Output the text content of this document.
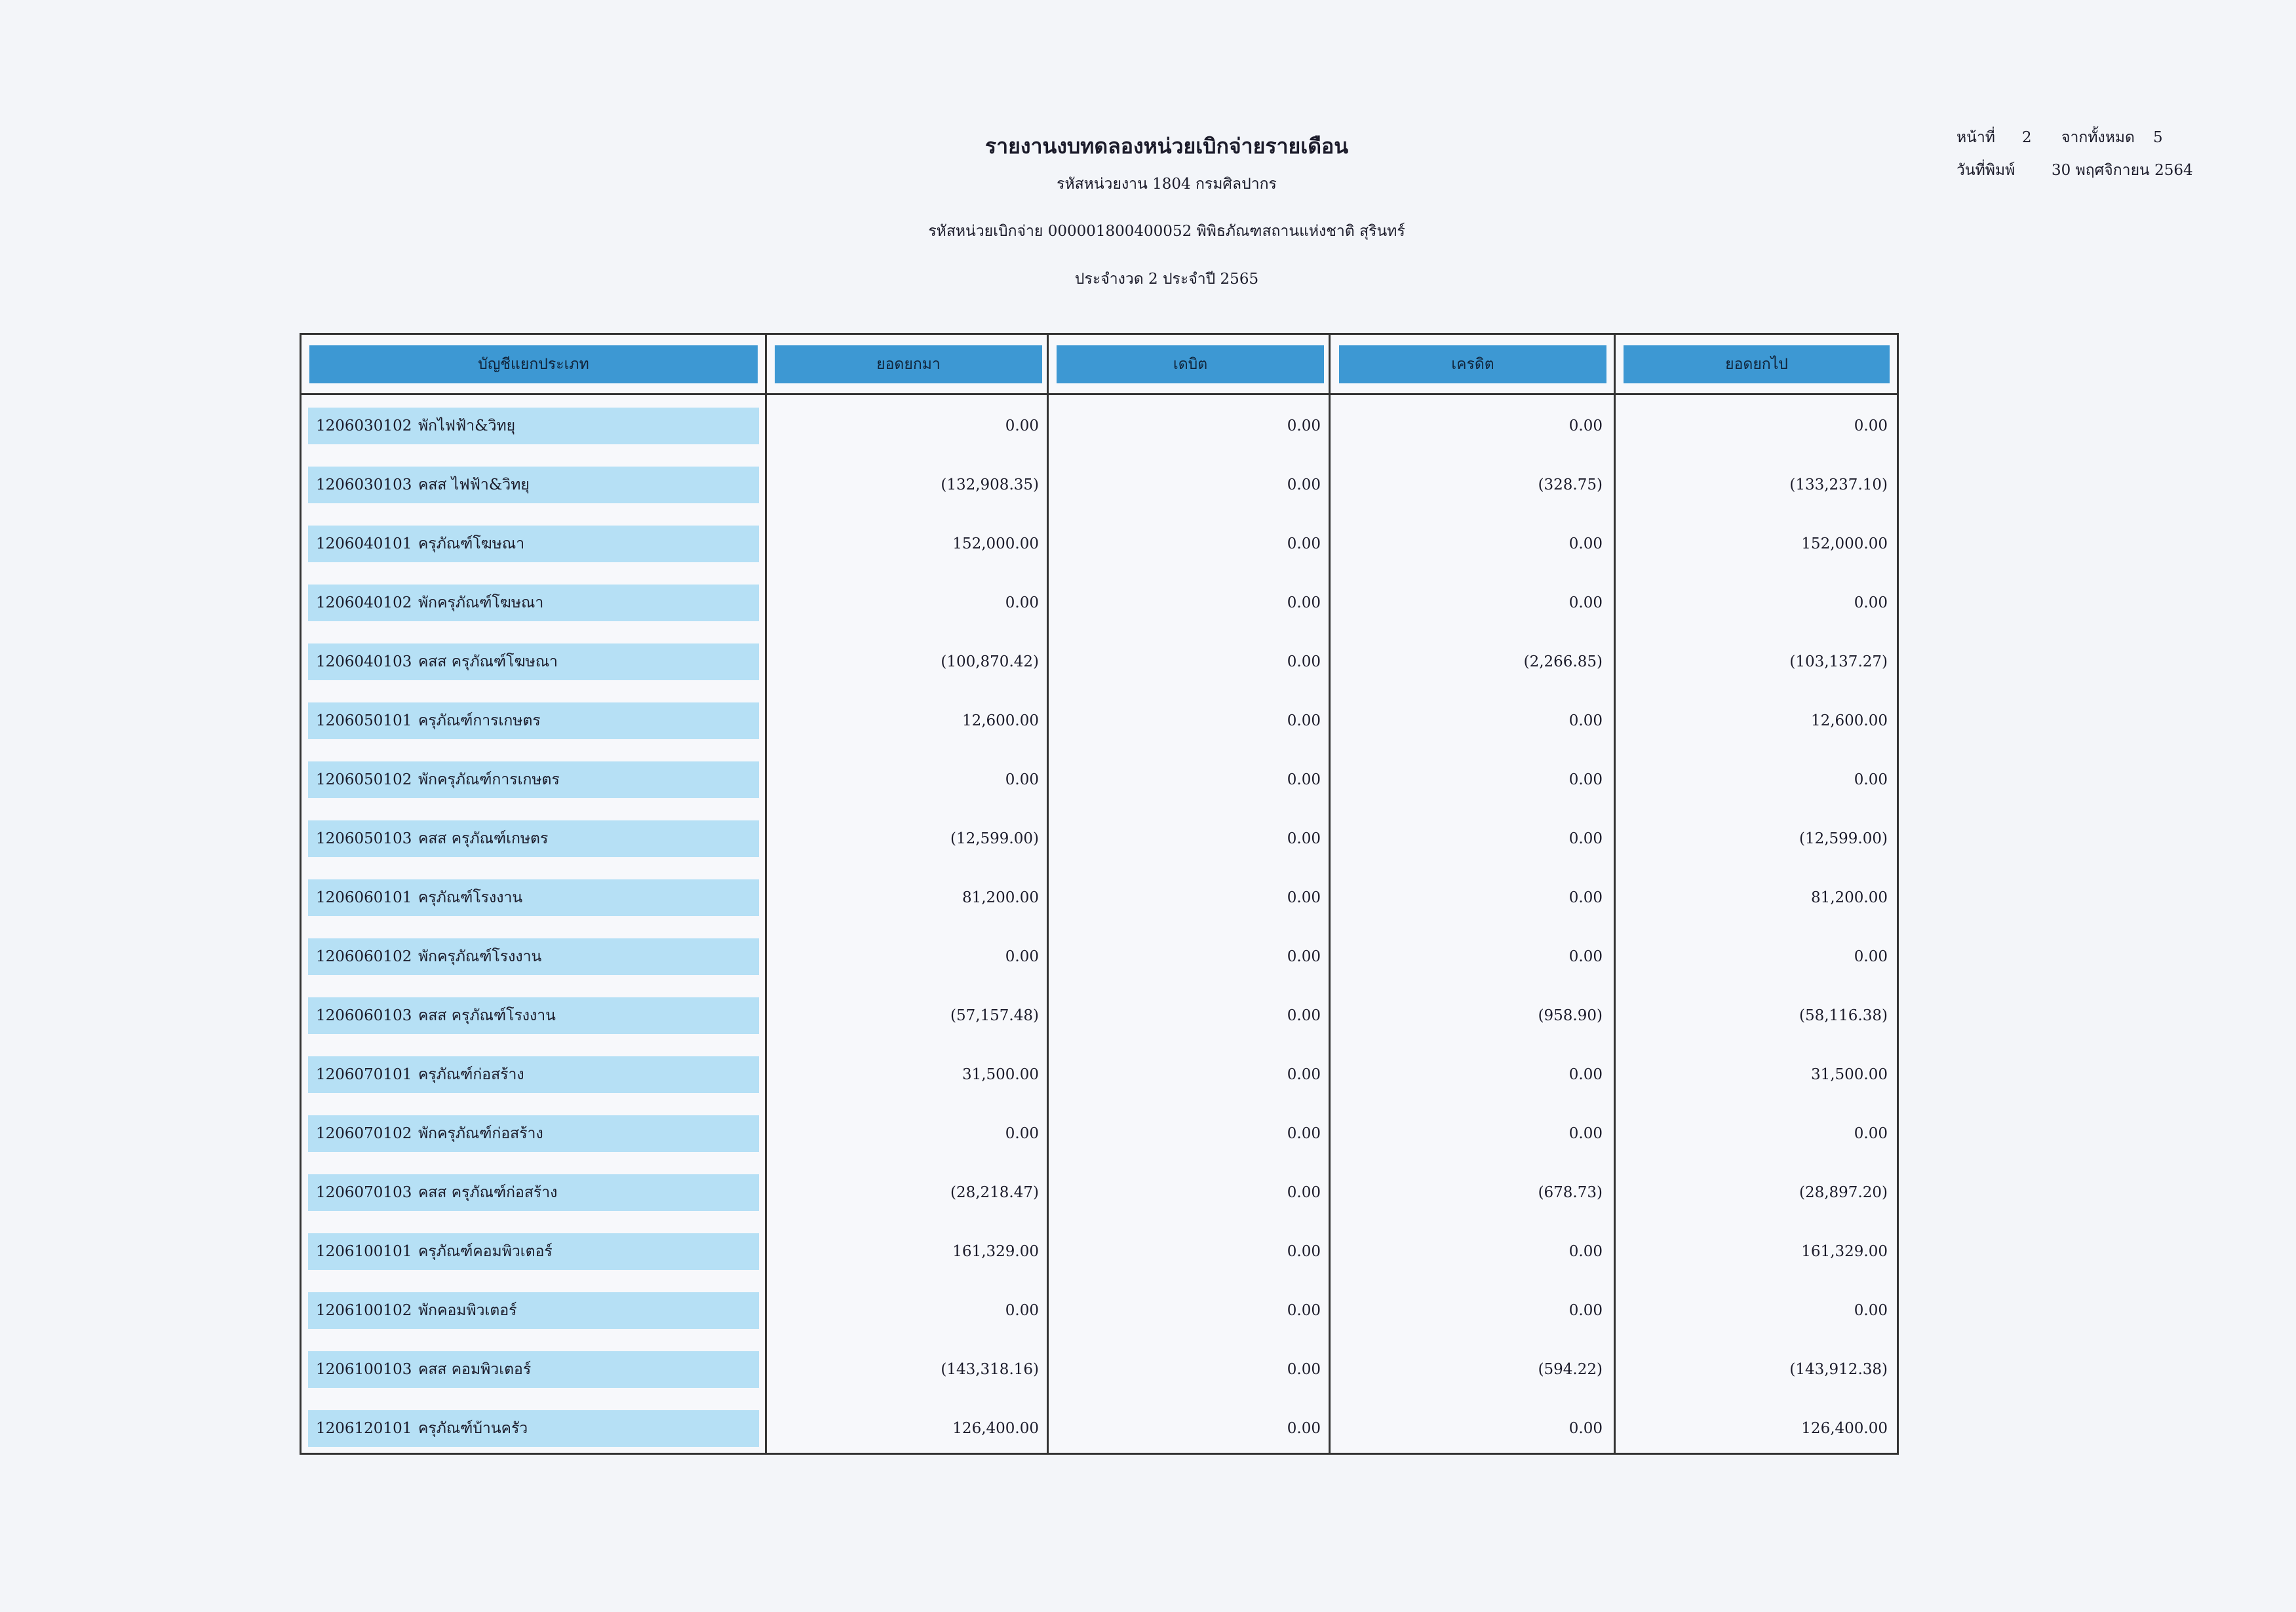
หน้าที่	2	จากทั้งหมด	5
วันที่พิมพ์	30 พฤศจิกายน 2564
รายงานงบทดลองหน่วยเบิกจ่ายรายเดือน
รหัสหน่วยงาน 1804 กรมศิลปากร
รหัสหน่วยเบิกจ่าย 000001800400052 พิพิธภัณฑสถานแห่งชาติ สุรินทร์
ประจำงวด 2 ประจำปี 2565
บัญชีแยกประเภท	ยอดยกมา	เดบิต	เครดิต	ยอดยกไป
1206030102 พักไฟฟ้า&วิทยุ	0.00	0.00	0.00	0.00
1206030103 คสส ไฟฟ้า&วิทยุ	(132,908.35)	0.00	(328.75)	(133,237.10)
1206040101 ครุภัณฑ์โฆษณา	152,000.00	0.00	0.00	152,000.00
1206040102 พักครุภัณฑ์โฆษณา	0.00	0.00	0.00	0.00
1206040103 คสส ครุภัณฑ์โฆษณา	(100,870.42)	0.00	(2,266.85)	(103,137.27)
1206050101 ครุภัณฑ์การเกษตร	12,600.00	0.00	0.00	12,600.00
1206050102 พักครุภัณฑ์การเกษตร	0.00	0.00	0.00	0.00
1206050103 คสส ครุภัณฑ์เกษตร	(12,599.00)	0.00	0.00	(12,599.00)
1206060101 ครุภัณฑ์โรงงาน	81,200.00	0.00	0.00	81,200.00
1206060102 พักครุภัณฑ์โรงงาน	0.00	0.00	0.00	0.00
1206060103 คสส ครุภัณฑ์โรงงาน	(57,157.48)	0.00	(958.90)	(58,116.38)
1206070101 ครุภัณฑ์ก่อสร้าง	31,500.00	0.00	0.00	31,500.00
1206070102 พักครุภัณฑ์ก่อสร้าง	0.00	0.00	0.00	0.00
1206070103 คสส ครุภัณฑ์ก่อสร้าง	(28,218.47)	0.00	(678.73)	(28,897.20)
1206100101 ครุภัณฑ์คอมพิวเตอร์	161,329.00	0.00	0.00	161,329.00
1206100102 พักคอมพิวเตอร์	0.00	0.00	0.00	0.00
1206100103 คสส คอมพิวเตอร์	(143,318.16)	0.00	(594.22)	(143,912.38)
1206120101 ครุภัณฑ์บ้านครัว	126,400.00	0.00	0.00	126,400.00
